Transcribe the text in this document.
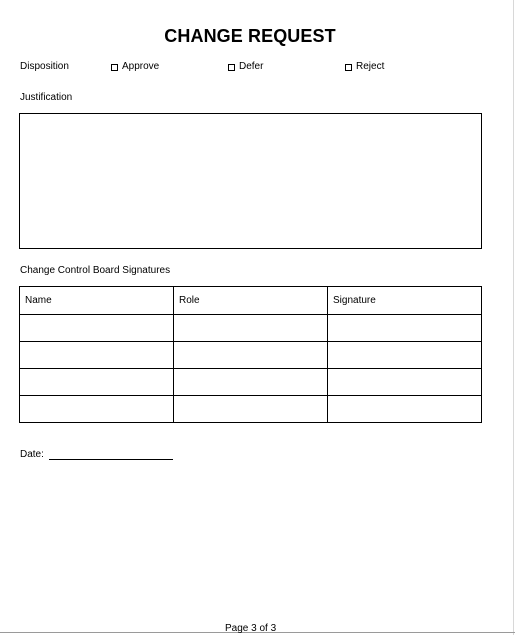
CHANGE REQUEST
Disposition	Approve	Defer	Reject
Justification
Change Control Board Signatures
Name	Role	Signature

Date:
Page 3 of 3
